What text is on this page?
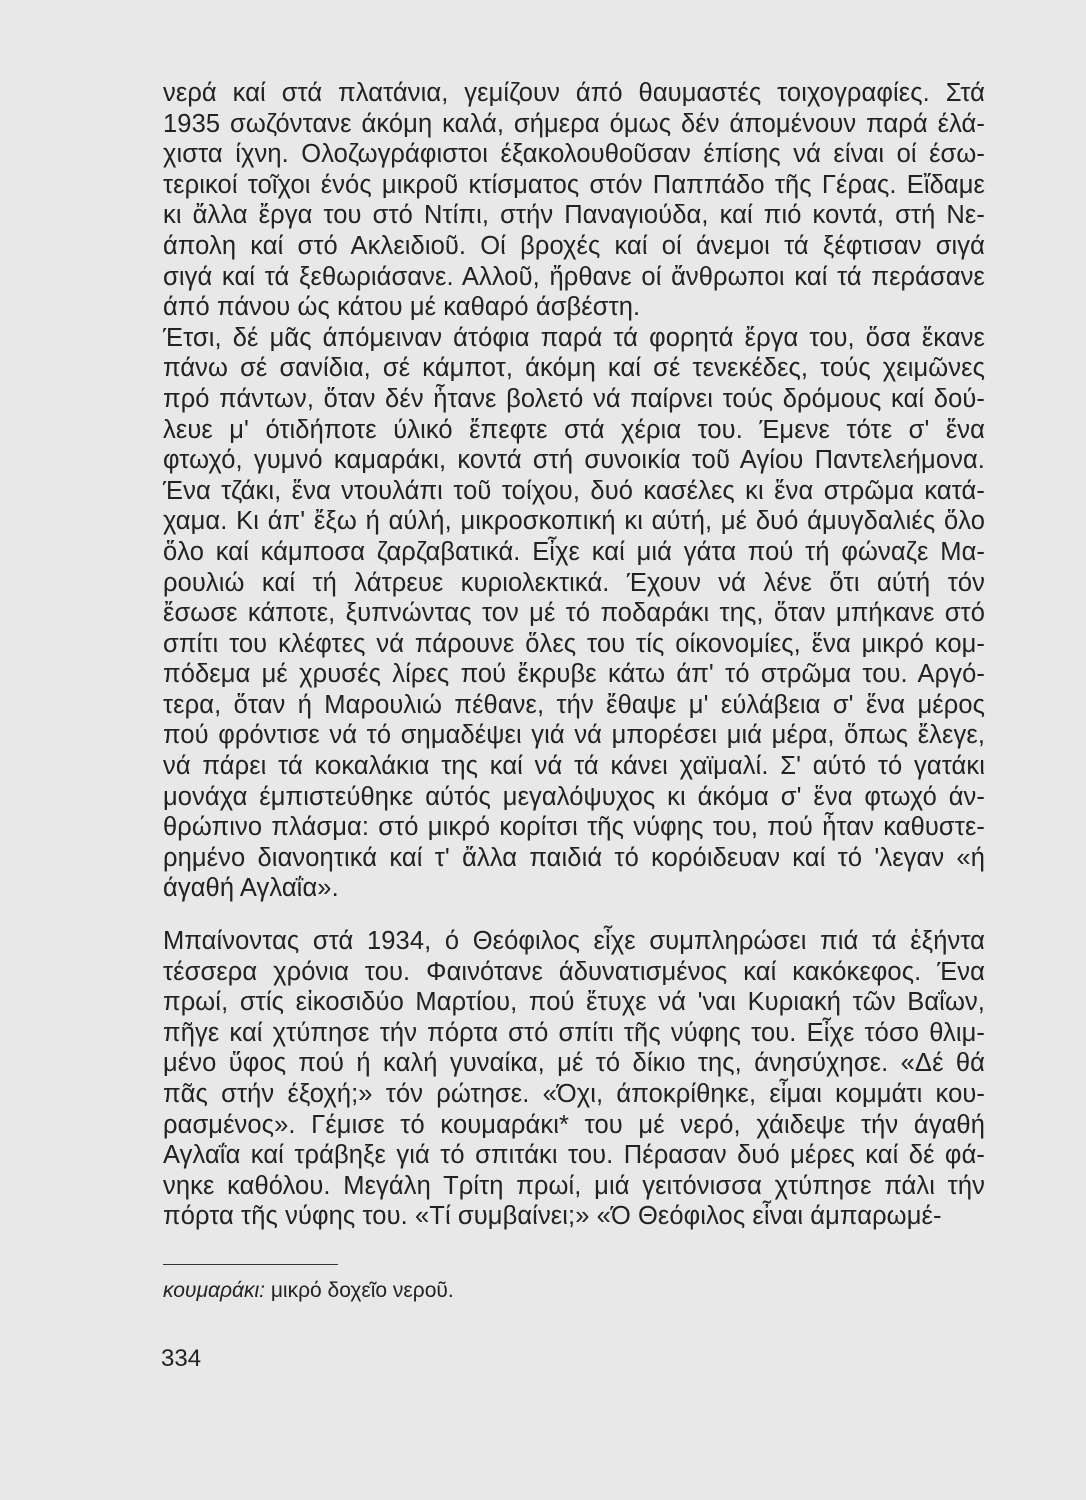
νερά καί στά πλατάνια, γεμίζουν άπό θαυμαστές τοιχογραφίες. Στά
1935 σωζόντανε άκόμη καλά, σήμερα όμως δέν άπομένουν παρά έλά-
χιστα ίχνη. Ολοζωγράφιστοι έξακολουθοῦσαν έπίσης νά είναι οί έσω-
τερικοί τοῖχοι ένός μικροῦ κτίσματος στόν Παππάδο τῆς Γέρας. Εἴδαμε
κι ἄλλα ἔργα του στό Ντίπι, στήν Παναγιούδα, καί πιό κοντά, στή Νε-
άπολη καί στό Ακλειδιοῦ. Οί βροχές καί οί άνεμοι τά ξέφτισαν σιγά
σιγά καί τά ξεθωριάσανε. Αλλοῦ, ἤρθανε οί ἄνθρωποι καί τά περάσανε
άπό πάνου ώς κάτου μέ καθαρό άσβέστη.
Έτσι, δέ μᾶς άπόμειναν άτόφια παρά τά φορητά ἔργα του, ὅσα ἔκανε
πάνω σέ σανίδια, σέ κάμποτ, άκόμη καί σέ τενεκέδες, τούς χειμῶνες
πρό πάντων, ὅταν δέν ἦτανε βολετό νά παίρνει τούς δρόμους καί δού-
λευε μ' ότιδήποτε ύλικό ἔπεφτε στά χέρια του. Έμενε τότε σ' ἕνα
φτωχό, γυμνό καμαράκι, κοντά στή συνοικία τοῦ Αγίου Παντελεήμονα.
Ένα τζάκι, ἕνα ντουλάπι τοῦ τοίχου, δυό κασέλες κι ἕνα στρῶμα κατά-
χαμα. Κι άπ' ἔξω ή αύλή, μικροσκοπική κι αύτή, μέ δυό άμυγδαλιές ὅλο
ὅλο καί κάμποσα ζαρζαβατικά. Εἶχε καί μιά γάτα πού τή φώναζε Μα-
ρουλιώ καί τή λάτρευε κυριολεκτικά. Έχουν νά λένε ὅτι αύτή τόν
ἔσωσε κάποτε, ξυπνώντας τον μέ τό ποδαράκι της, ὅταν μπήκανε στό
σπίτι του κλέφτες νά πάρουνε ὅλες του τίς οίκονομίες, ἕνα μικρό κομ-
πόδεμα μέ χρυσές λίρες πού ἔκρυβε κάτω άπ' τό στρῶμα του. Αργό-
τερα, ὅταν ή Μαρουλιώ πέθανε, τήν ἔθαψε μ' εύλάβεια σ' ἕνα μέρος
πού φρόντισε νά τό σημαδέψει γιά νά μπορέσει μιά μέρα, ὅπως ἔλεγε,
νά πάρει τά κοκαλάκια της καί νά τά κάνει χαϊμαλί. Σ' αύτό τό γατάκι
μονάχα έμπιστεύθηκε αύτός μεγαλόψυχος κι άκόμα σ' ἕνα φτωχό άν-
θρώπινο πλάσμα: στό μικρό κορίτσι τῆς νύφης του, πού ἦταν καθυστε-
ρημένο διανοητικά καί τ' ἄλλα παιδιά τό κορόιδευαν καί τό 'λεγαν «ή
άγαθή Αγλαΐα».
Μπαίνοντας στά 1934, ό Θεόφιλος εἶχε συμπληρώσει πιά τά ἑξήντα
τέσσερα χρόνια του. Φαινότανε άδυνατισμένος καί κακόκεφος. Ένα
πρωί, στίς εἰκοσιδύο Μαρτίου, πού ἔτυχε νά 'ναι Κυριακή τῶν Βαΐων,
πῆγε καί χτύπησε τήν πόρτα στό σπίτι τῆς νύφης του. Εἶχε τόσο θλιμ-
μένο ὕφος πού ή καλή γυναίκα, μέ τό δίκιο της, άνησύχησε. «Δέ θά
πᾶς στήν έξοχή;» τόν ρώτησε. «Όχι, άποκρίθηκε, εἶμαι κομμάτι κου-
ρασμένος». Γέμισε τό κουμαράκι* του μέ νερό, χάιδεψε τήν άγαθή
Αγλαΐα καί τράβηξε γιά τό σπιτάκι του. Πέρασαν δυό μέρες καί δέ φά-
νηκε καθόλου. Μεγάλη Τρίτη πρωί, μιά γειτόνισσα χτύπησε πάλι τήν
πόρτα τῆς νύφης του. «Τί συμβαίνει;» «Ό Θεόφιλος εἶναι άμπαρωμέ-
κουμαράκι: μικρό δοχεῖο νεροῦ.
334
